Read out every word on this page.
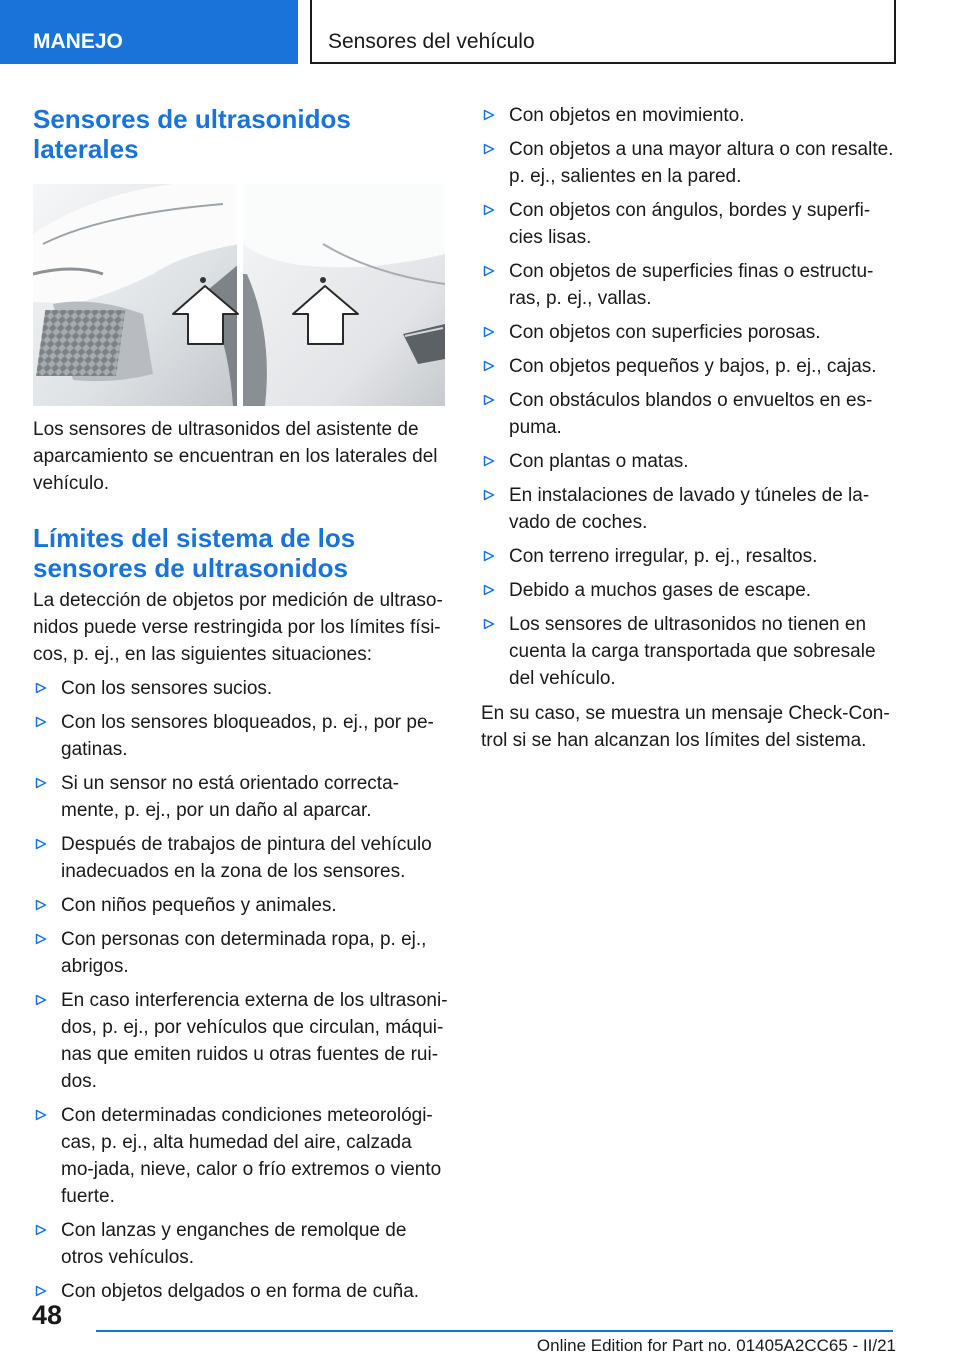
MANEJO	Sensores del vehículo
Sensores de ultrasonidos laterales

Los sensores de ultrasonidos del asistente de aparcamiento se encuentran en los laterales del vehículo.

Límites del sistema de los sensores de ultrasonidos

La detección de objetos por medición de ultraso‐nidos puede verse restringida por los límites físi‐cos, p. ej., en las siguientes situaciones:

Con los sensores sucios.
Con los sensores bloqueados, p. ej., por pe‐gatinas.
Si un sensor no está orientado correcta‐mente, p. ej., por un daño al aparcar.
Después de trabajos de pintura del vehículo inadecuados en la zona de los sensores.
Con niños pequeños y animales.
Con personas con determinada ropa, p. ej., abrigos.
En caso interferencia externa de los ultrasoni‐dos, p. ej., por vehículos que circulan, máqui‐nas que emiten ruidos u otras fuentes de rui‐dos.
Con determinadas condiciones meteorológi‐cas, p. ej., alta humedad del aire, calzada mo‐jada, nieve, calor o frío extremos o viento fuerte.
Con lanzas y enganches de remolque de otros vehículos.
Con objetos delgados o en forma de cuña.
Con objetos en movimiento.
Con objetos a una mayor altura o con resalte. p. ej., salientes en la pared.
Con objetos con ángulos, bordes y superfi‐cies lisas.
Con objetos de superficies finas o estructu‐ras, p. ej., vallas.
Con objetos con superficies porosas.
Con objetos pequeños y bajos, p. ej., cajas.
Con obstáculos blandos o envueltos en es‐puma.
Con plantas o matas.
En instalaciones de lavado y túneles de la‐vado de coches.
Con terreno irregular, p. ej., resaltos.
Debido a muchos gases de escape.
Los sensores de ultrasonidos no tienen en cuenta la carga transportada que sobresale del vehículo.

En su caso, se muestra un mensaje Check-Con‐trol si se han alcanzan los límites del sistema.

48
Online Edition for Part no. 01405A2CC65 - II/21
